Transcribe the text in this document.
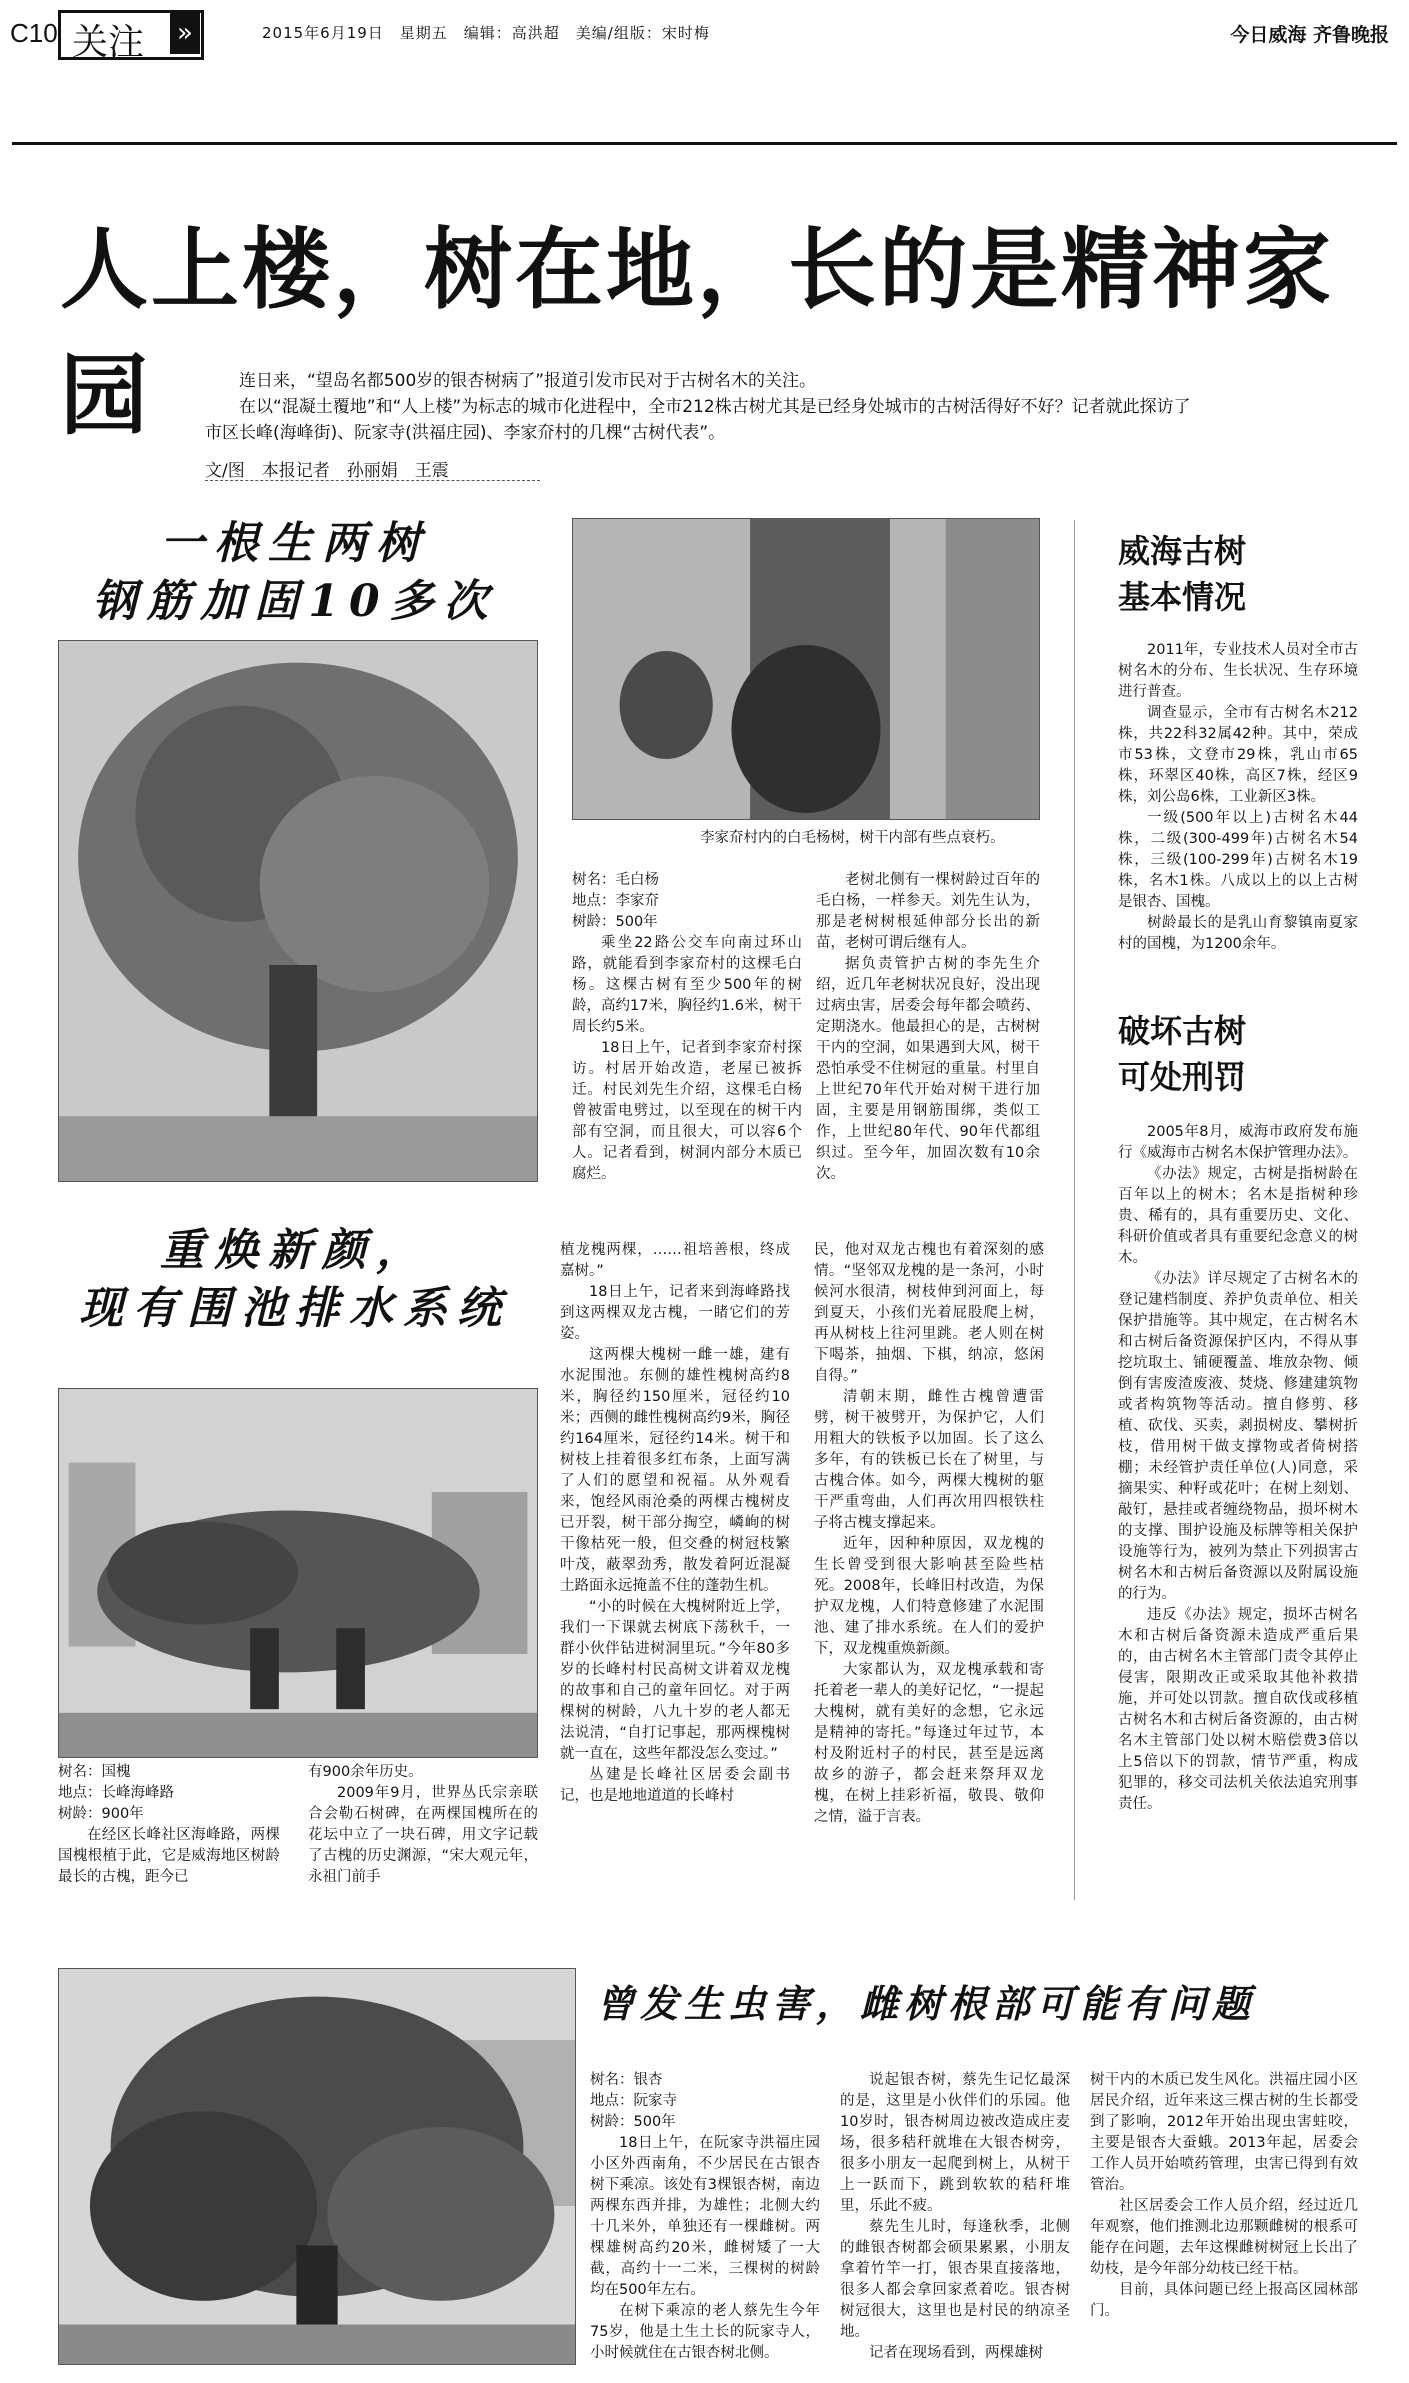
C10 关注 »	2015年6月19日　星期五　编辑：高洪超　美编/组版：宋时梅	今日威海 齐鲁晚报
人上楼，树在地，长的是精神家园	连日来，“望岛名都500岁的银杏树病了”报道引发市民对于古树名木的关注。

在以“混凝土覆地”和“人上楼”为标志的城市化进程中，全市212株古树尤其是已经身处城市的古树活得好不好？记者就此探访了市区长峰(海峰街)、阮家寺(洪福庄园)、李家夼村的几棵“古树代表”。

文/图　本报记者　孙丽娟　王震
一根生两树
钢筋加固10多次
李家夼村内的白毛杨树，树干内部有些点衰朽。

树名：毛白杨

地点：李家夼

树龄：500年

乘坐22路公交车向南过环山路，就能看到李家夼村的这棵毛白杨。这棵古树有至少500年的树龄，高约17米，胸径约1.6米，树干周长约5米。

18日上午，记者到李家夼村探访。村居开始改造，老屋已被拆迁。村民刘先生介绍，这棵毛白杨曾被雷电劈过，以至现在的树干内部有空洞，而且很大，可以容6个人。记者看到，树洞内部分木质已腐烂。

老树北侧有一棵树龄过百年的毛白杨，一样参天。刘先生认为，那是老树树根延伸部分长出的新苗，老树可谓后继有人。

据负责管护古树的李先生介绍，近几年老树状况良好，没出现过病虫害，居委会每年都会喷药、定期浇水。他最担心的是，古树树干内的空洞，如果遇到大风，树干恐怕承受不住树冠的重量。村里自上世纪70年代开始对树干进行加固，主要是用钢筋围绑，类似工作，上世纪80年代、90年代都组织过。至今年，加固次数有10余次。

威海古树
基本情况

2011年，专业技术人员对全市古树名木的分布、生长状况、生存环境进行普查。

调查显示，全市有古树名木212株，共22科32属42种。其中，荣成市53株，文登市29株，乳山市65株，环翠区40株，高区7株，经区9株，刘公岛6株，工业新区3株。

一级(500年以上)古树名木44株，二级(300-499年)古树名木54株，三级(100-299年)古树名木19株，名木1株。八成以上的以上古树是银杏、国槐。

树龄最长的是乳山育黎镇南夏家村的国槐，为1200余年。

破坏古树
可处刑罚

2005年8月，威海市政府发布施行《威海市古树名木保护管理办法》。

《办法》规定，古树是指树龄在百年以上的树木；名木是指树种珍贵、稀有的，具有重要历史、文化、科研价值或者具有重要纪念意义的树木。

《办法》详尽规定了古树名木的登记建档制度、养护负责单位、相关保护措施等。其中规定，在古树名木和古树后备资源保护区内，不得从事挖坑取土、铺硬覆盖、堆放杂物、倾倒有害废渣废液、焚烧、修建建筑物或者构筑物等活动。擅自修剪、移植、砍伐、买卖，剥损树皮、攀树折枝，借用树干做支撑物或者倚树搭棚；未经管护责任单位(人)同意，采摘果实、种籽或花叶；在树上刻划、敲钉，悬挂或者缠绕物品，损坏树木的支撑、围护设施及标牌等相关保护设施等行为，被列为禁止下列损害古树名木和古树后备资源以及附属设施的行为。

违反《办法》规定，损坏古树名木和古树后备资源未造成严重后果的，由古树名木主管部门责令其停止侵害，限期改正或采取其他补救措施，并可处以罚款。擅自砍伐或移植古树名木和古树后备资源的，由古树名木主管部门处以树木赔偿费3倍以上5倍以下的罚款，情节严重，构成犯罪的，移交司法机关依法追究刑事责任。

重焕新颜，
现有围池排水系统

树名：国槐

地点：长峰海峰路

树龄：900年

在经区长峰社区海峰路，两棵国槐根植于此，它是威海地区树龄最长的古槐，距今已

有900余年历史。

2009年9月，世界丛氏宗亲联合会勒石树碑，在两棵国槐所在的花坛中立了一块石碑，用文字记载了古槐的历史渊源，“宋大观元年，永祖门前手

植龙槐两棵，……祖培善根，终成嘉树。”

18日上午，记者来到海峰路找到这两棵双龙古槐，一睹它们的芳姿。

这两棵大槐树一雌一雄，建有水泥围池。东侧的雄性槐树高约8米，胸径约150厘米，冠径约10米；西侧的雌性槐树高约9米，胸径约164厘米，冠径约14米。树干和树枝上挂着很多红布条，上面写满了人们的愿望和祝福。从外观看来，饱经风雨沧桑的两棵古槐树皮已开裂，树干部分掏空，嶙峋的树干像枯死一般，但交叠的树冠枝繁叶茂，蔽翠劲秀，散发着阿近混凝土路面永远掩盖不住的蓬勃生机。

“小的时候在大槐树附近上学，我们一下课就去树底下荡秋千，一群小伙伴钻进树洞里玩。”今年80多岁的长峰村村民高树文讲着双龙槐的故事和自己的童年回忆。对于两棵树的树龄，八九十岁的老人都无法说清，“自打记事起，那两棵槐树就一直在，这些年都没怎么变过。”

丛建是长峰社区居委会副书记，也是地地道道的长峰村

民，他对双龙古槐也有着深刻的感情。“坚邻双龙槐的是一条河，小时候河水很清，树枝伸到河面上，每到夏天，小孩们光着屁股爬上树，再从树枝上往河里跳。老人则在树下喝茶，抽烟、下棋，纳凉，悠闲自得。”

清朝末期，雌性古槐曾遭雷劈，树干被劈开，为保护它，人们用粗大的铁板予以加固。长了这么多年，有的铁板已长在了树里，与古槐合体。如今，两棵大槐树的躯干严重弯曲，人们再次用四根铁柱子将古槐支撑起来。

近年，因种种原因，双龙槐的生长曾受到很大影响甚至险些枯死。2008年，长峰旧村改造，为保护双龙槐，人们特意修建了水泥围池、建了排水系统。在人们的爱护下，双龙槐重焕新颜。

大家都认为，双龙槐承载和寄托着老一辈人的美好记忆，“一提起大槐树，就有美好的念想，它永远是精神的寄托。”每逢过年过节，本村及附近村子的村民，甚至是远离故乡的游子，都会赶来祭拜双龙槐，在树上挂彩祈福，敬畏、敬仰之情，溢于言表。

曾发生虫害，雌树根部可能有问题

树名：银杏

地点：阮家寺

树龄：500年

18日上午，在阮家寺洪福庄园小区外西南角，不少居民在古银杏树下乘凉。该处有3棵银杏树，南边两棵东西并排，为雄性；北侧大约十几米外，单独还有一棵雌树。两棵雄树高约20米，雌树矮了一大截，高约十一二米，三棵树的树龄均在500年左右。

在树下乘凉的老人蔡先生今年75岁，他是土生土长的阮家寺人，小时候就住在古银杏树北侧。

说起银杏树，蔡先生记忆最深的是，这里是小伙伴们的乐园。他10岁时，银杏树周边被改造成庄麦场，很多秸秆就堆在大银杏树旁，很多小朋友一起爬到树上，从树干上一跃而下，跳到软软的秸秆堆里，乐此不疲。

蔡先生儿时，每逢秋季，北侧的雌银杏树都会硕果累累，小朋友拿着竹竿一打，银杏果直接落地，很多人都会拿回家煮着吃。银杏树树冠很大，这里也是村民的纳凉圣地。

记者在现场看到，两棵雄树

树干内的木质已发生风化。洪福庄园小区居民介绍，近年来这三棵古树的生长都受到了影响，2012年开始出现虫害蛀咬，主要是银杏大蚕蛾。2013年起，居委会工作人员开始喷药管理，虫害已得到有效管治。

社区居委会工作人员介绍，经过近几年观察，他们推测北边那颗雌树的根系可能存在问题，去年这棵雌树树冠上长出了幼枝，是今年部分幼枝已经干枯。

目前，具体问题已经上报高区园林部门。
